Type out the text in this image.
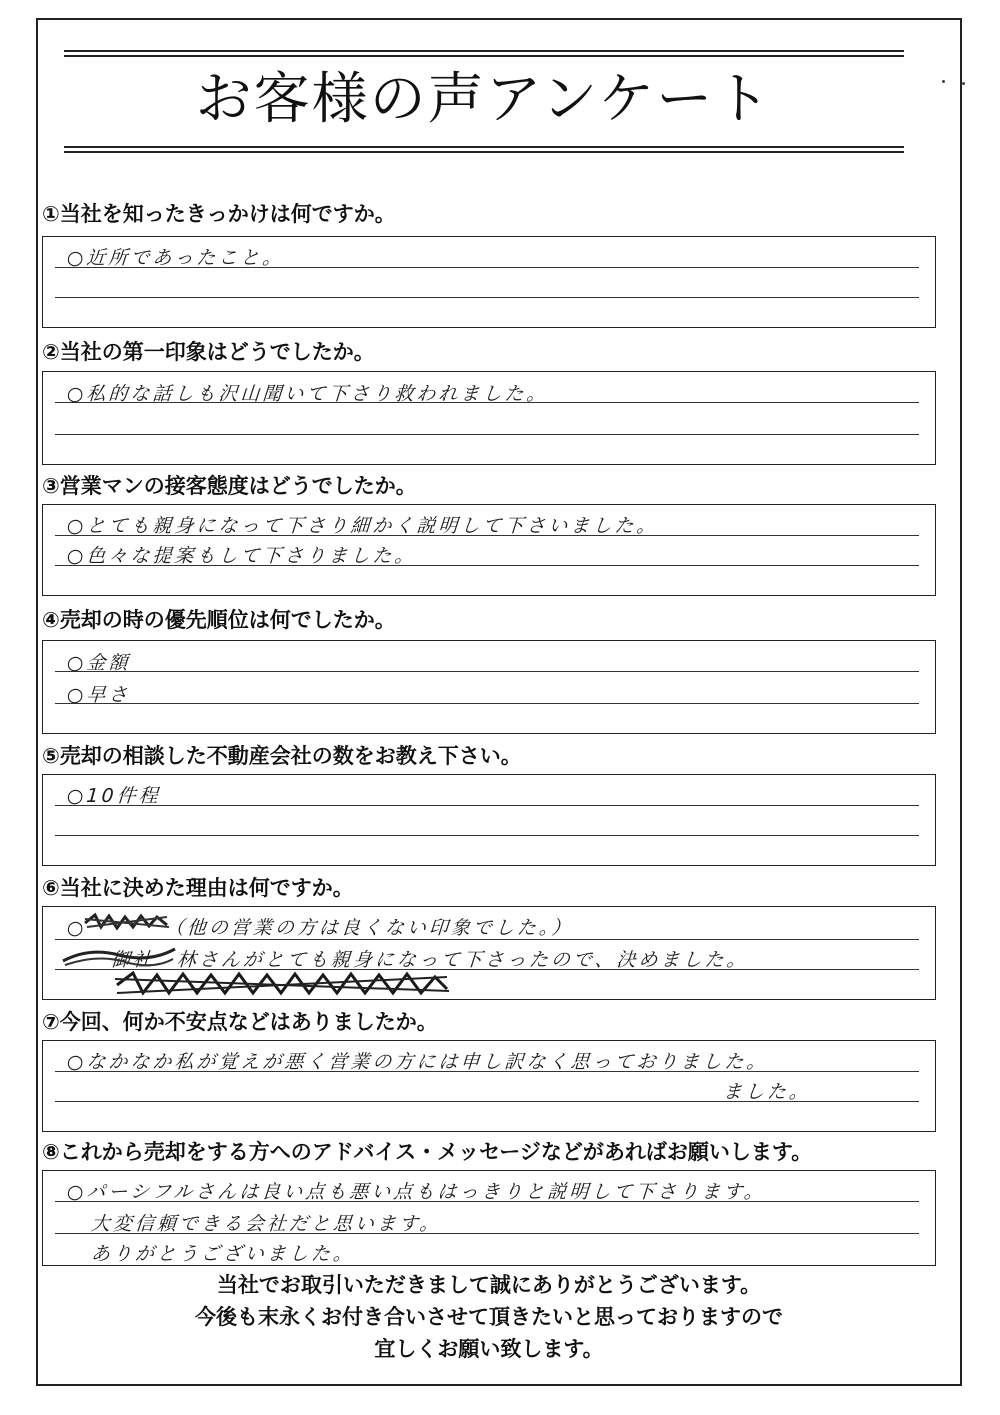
お客様の声アンケート
①当社を知ったきっかけは何ですか。
○近所であったこと。
②当社の第一印象はどうでしたか。
○私的な話しも沢山聞いて下さり救われました。
③営業マンの接客態度はどうでしたか。
○とても親身になって下さり細かく説明して下さいました。
○色々な提案もして下さりました。
④売却の時の優先順位は何でしたか。
○金額
○早さ
⑤売却の相談した不動産会社の数をお教え下さい。
○10件程
⑥当社に決めた理由は何ですか。
○　　　　（他の営業の方は良くない印象でした。）
　　御社　林さんがとても親身になって下さったので、決めました。
⑦今回、何か不安点などはありましたか。
○なかなか私が覚えが悪く営業の方には申し訳なく思っておりました。
ました。
⑧これから売却をする方へのアドバイス・メッセージなどがあればお願いします。
○パーシフルさんは良い点も悪い点もはっきりと説明して下さります。
大変信頼できる会社だと思います。
ありがとうございました。
当社でお取引いただきまして誠にありがとうございます。
今後も末永くお付き合いさせて頂きたいと思っておりますので
宜しくお願い致します。
